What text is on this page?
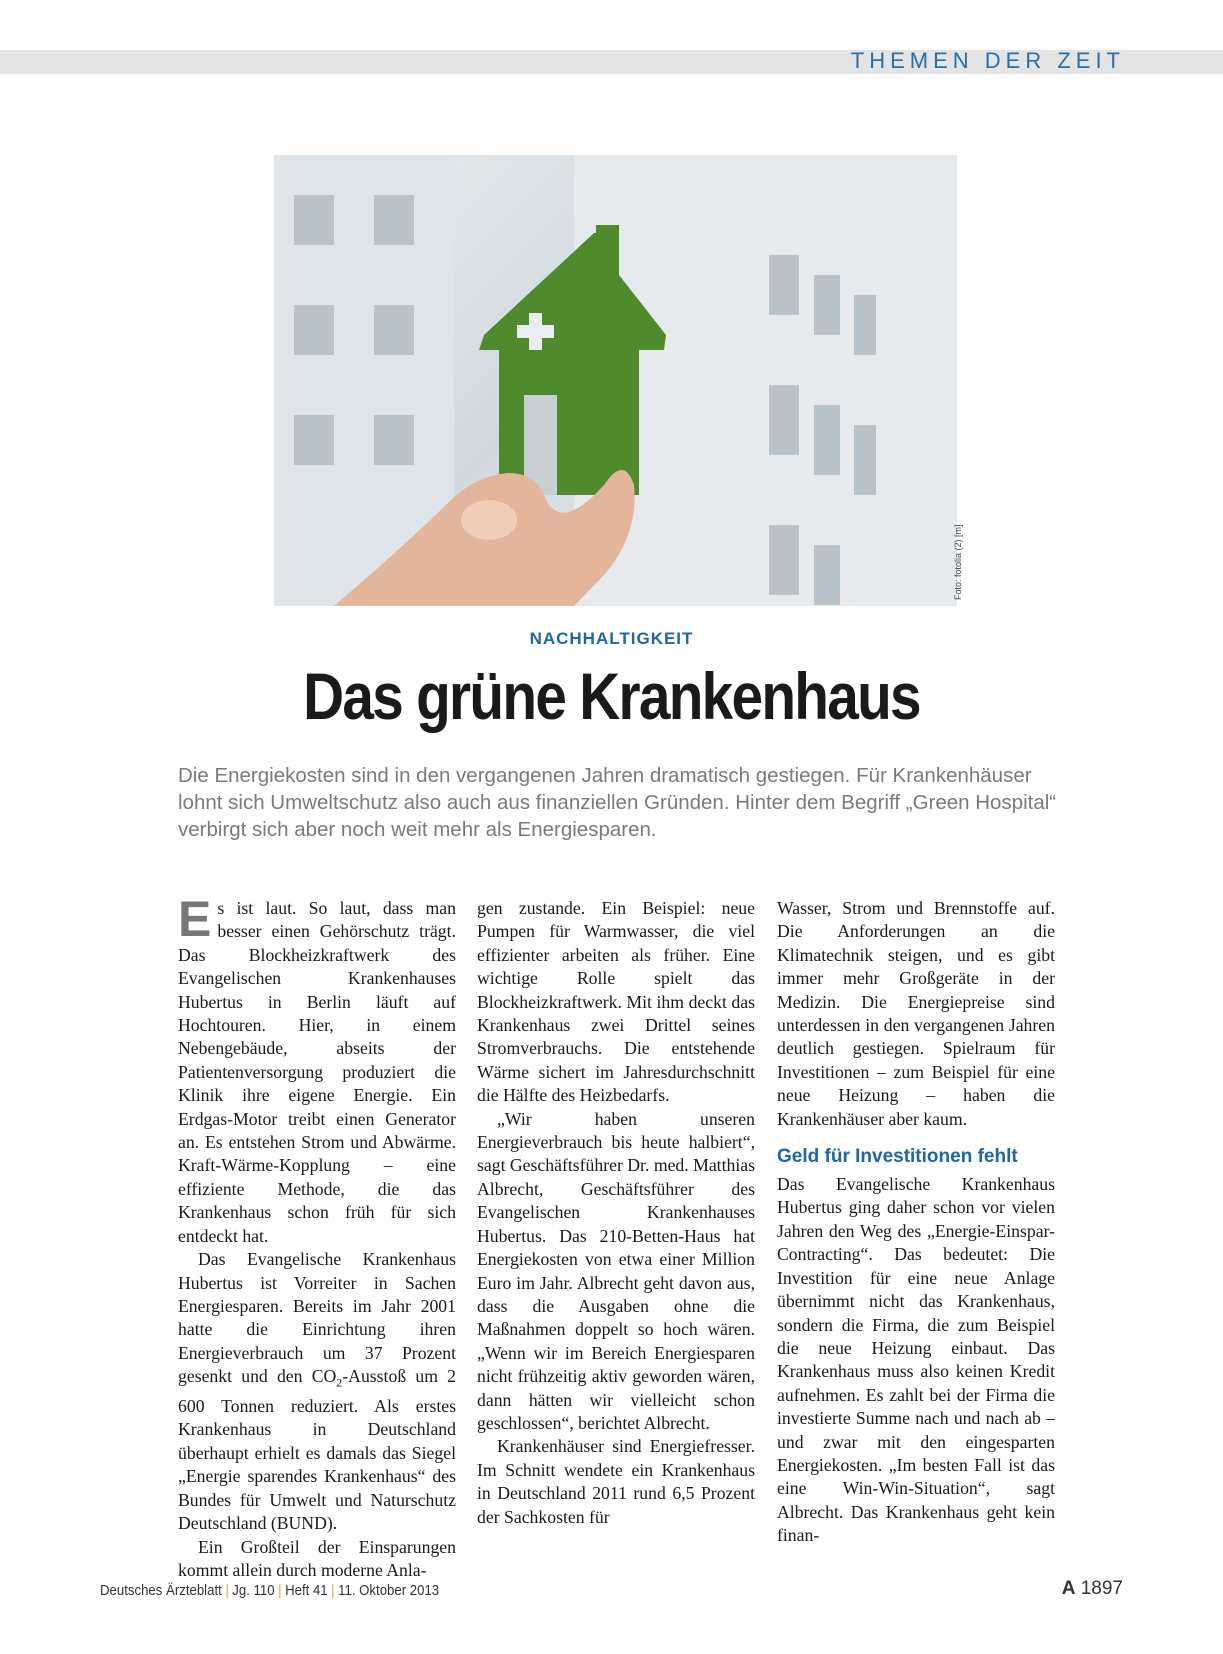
THEMEN DER ZEIT
Foto: fotolia (2) [m]
NACHHALTIGKEIT
Das grüne Krankenhaus
Die Energiekosten sind in den vergangenen Jahren dramatisch gestiegen. Für Krankenhäuser lohnt sich Umweltschutz also auch aus finanziellen Gründen. Hinter dem Begriff „Green Hospital“ verbirgt sich aber noch weit mehr als Energiesparen.

Es ist laut. So laut, dass man besser einen Gehörschutz trägt. Das Blockheizkraftwerk des Evangelischen Krankenhauses Hubertus in Berlin läuft auf Hochtouren. Hier, in einem Nebengebäude, abseits der Patientenversorgung produziert die Klinik ihre eigene Energie. Ein Erdgas-Motor treibt einen Generator an. Es entstehen Strom und Abwärme. Kraft-Wärme-Kopplung – eine effiziente Methode, die das Krankenhaus schon früh für sich entdeckt hat.

Das Evangelische Krankenhaus Hubertus ist Vorreiter in Sachen Energiesparen. Bereits im Jahr 2001 hatte die Einrichtung ihren Energieverbrauch um 37 Prozent gesenkt und den $CO_2$-Ausstoß um 2 600 Tonnen reduziert. Als erstes Krankenhaus in Deutschland überhaupt erhielt es damals das Siegel „Energie sparendes Krankenhaus“ des Bundes für Umwelt und Naturschutz Deutschland (BUND).

Ein Großteil der Einsparungen kommt allein durch moderne Anla-

gen zustande. Ein Beispiel: neue Pumpen für Warmwasser, die viel effizienter arbeiten als früher. Eine wichtige Rolle spielt das Blockheizkraftwerk. Mit ihm deckt das Krankenhaus zwei Drittel seines Stromverbrauchs. Die entstehende Wärme sichert im Jahresdurchschnitt die Hälfte des Heizbedarfs.

„Wir haben unseren Energieverbrauch bis heute halbiert“, sagt Geschäftsführer Dr. med. Matthias Albrecht, Geschäftsführer des Evangelischen Krankenhauses Hubertus. Das 210-Betten-Haus hat Energiekosten von etwa einer Million Euro im Jahr. Albrecht geht davon aus, dass die Ausgaben ohne die Maßnahmen doppelt so hoch wären. „Wenn wir im Bereich Energiesparen nicht frühzeitig aktiv geworden wären, dann hätten wir vielleicht schon geschlossen“, berichtet Albrecht.

Krankenhäuser sind Energiefresser. Im Schnitt wendete ein Krankenhaus in Deutschland 2011 rund 6,5 Prozent der Sachkosten für

Wasser, Strom und Brennstoffe auf. Die Anforderungen an die Klimatechnik steigen, und es gibt immer mehr Großgeräte in der Medizin. Die Energiepreise sind unterdessen in den vergangenen Jahren deutlich gestiegen. Spielraum für Investitionen – zum Beispiel für eine neue Heizung – haben die Krankenhäuser aber kaum.

Geld für Investitionen fehlt

Das Evangelische Krankenhaus Hubertus ging daher schon vor vielen Jahren den Weg des „Energie-Einspar-Contracting“. Das bedeutet: Die Investition für eine neue Anlage übernimmt nicht das Krankenhaus, sondern die Firma, die zum Beispiel die neue Heizung einbaut. Das Krankenhaus muss also keinen Kredit aufnehmen. Es zahlt bei der Firma die investierte Summe nach und nach ab – und zwar mit den eingesparten Energiekosten. „Im besten Fall ist das eine Win-Win-Situation“, sagt Albrecht. Das Krankenhaus geht kein finan-

Deutsches Ärzteblatt | Jg. 110 | Heft 41 | 11. Oktober 2013	A 1897
